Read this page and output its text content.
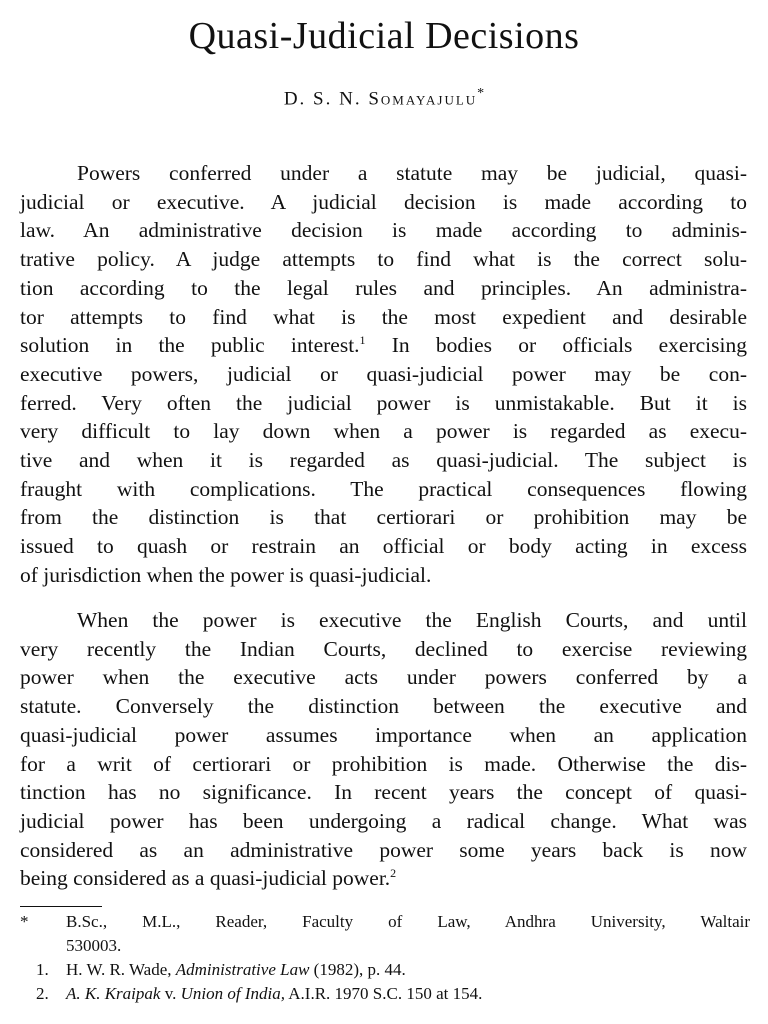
Quasi-Judicial Decisions
D. S. N. Somayajulu*
Powers conferred under a statute may be judicial, quasi-
judicial or executive. A judicial decision is made according to
law. An administrative decision is made according to adminis-
trative policy. A judge attempts to find what is the correct solu-
tion according to the legal rules and principles. An administra-
tor attempts to find what is the most expedient and desirable
solution in the public interest.$^1$ In bodies or officials exercising
executive powers, judicial or quasi-judicial power may be con-
ferred. Very often the judicial power is unmistakable. But it is
very difficult to lay down when a power is regarded as execu-
tive and when it is regarded as quasi-judicial. The subject is
fraught with complications. The practical consequences flowing
from the distinction is that certiorari or prohibition may be
issued to quash or restrain an official or body acting in excess
of jurisdiction when the power is quasi-judicial.
When the power is executive the English Courts, and until
very recently the Indian Courts, declined to exercise reviewing
power when the executive acts under powers conferred by a
statute. Conversely the distinction between the executive and
quasi-judicial power assumes importance when an application
for a writ of certiorari or prohibition is made. Otherwise the dis-
tinction has no significance. In recent years the concept of quasi-
judicial power has been undergoing a radical change. What was
considered as an administrative power some years back is now
being considered as a quasi-judicial power.$^2$
* B.Sc., M.L., Reader, Faculty of Law, Andhra University, Waltair
530003.
1. H. W. R. Wade, Administrative Law (1982), p. 44.
2. A. K. Kraipak v. Union of India, A.I.R. 1970 S.C. 150 at 154.
